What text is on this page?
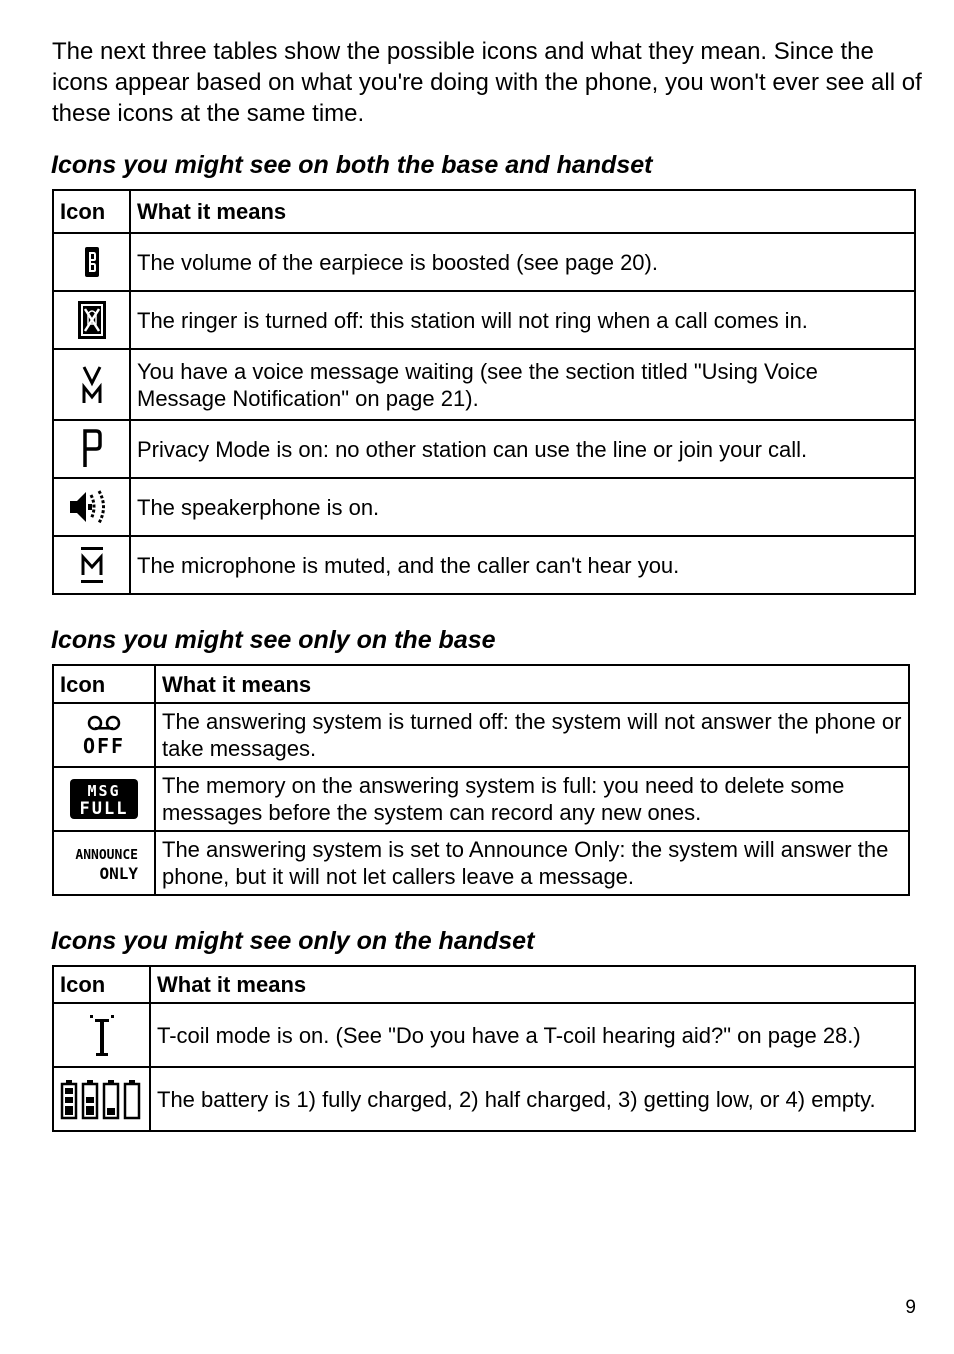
The next three tables show the possible icons and what they mean. Since the icons appear based on what you're doing with the phone, you won't ever see all of these icons at the same time.

Icons you might see on both the base and handset
Icon	What it means

	The volume of the earpiece is boosted (see page 20).

	The ringer is turned off: this station will not ring when a call comes in.

	You have a voice message waiting (see the section titled "Using Voice Message Notification" on page 21).

	Privacy Mode is on: no other station can use the line or join your call.

	The speakerphone is on.

	The microphone is muted, and the caller can't hear you.
Icons you might see only on the base
Icon	What it means

OFF	The answering system is turned off: the system will not answer the phone or take messages.

MSG
FULL	The memory on the answering system is full: you need to delete some messages before the system can record any new ones.

ANNOUNCE
ONLY	The answering system is set to Announce Only: the system will answer the phone, but it will not let callers leave a message.
Icons you might see only on the handset
Icon	What it means

	T-coil mode is on. (See "Do you have a T-coil hearing aid?" on page 28.)

	The battery is 1) fully charged, 2) half charged, 3) getting low, or 4) empty.
9
